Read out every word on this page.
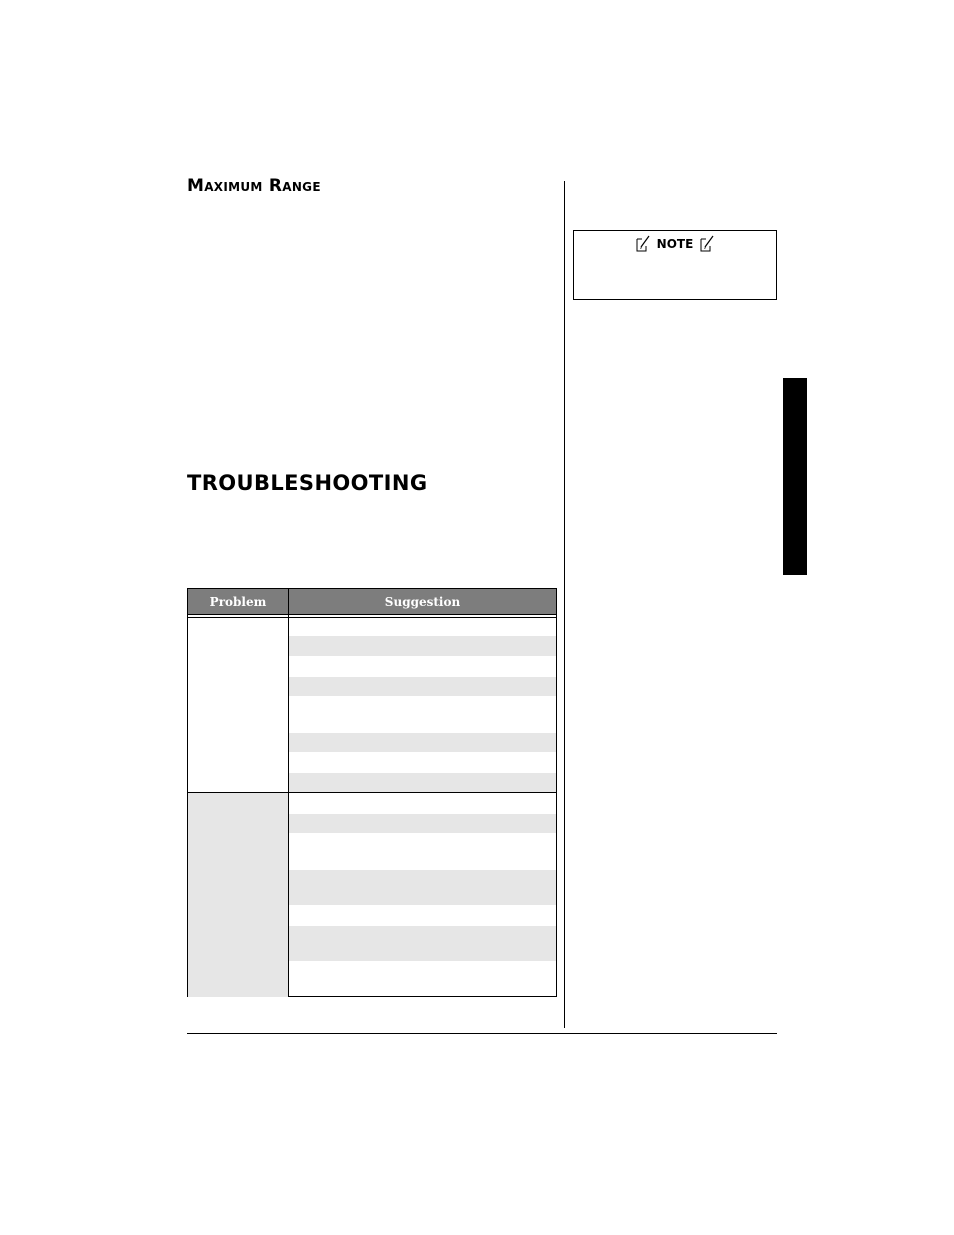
Maximum Range
TROUBLESHOOTING
NOTE
Problem	Suggestion
